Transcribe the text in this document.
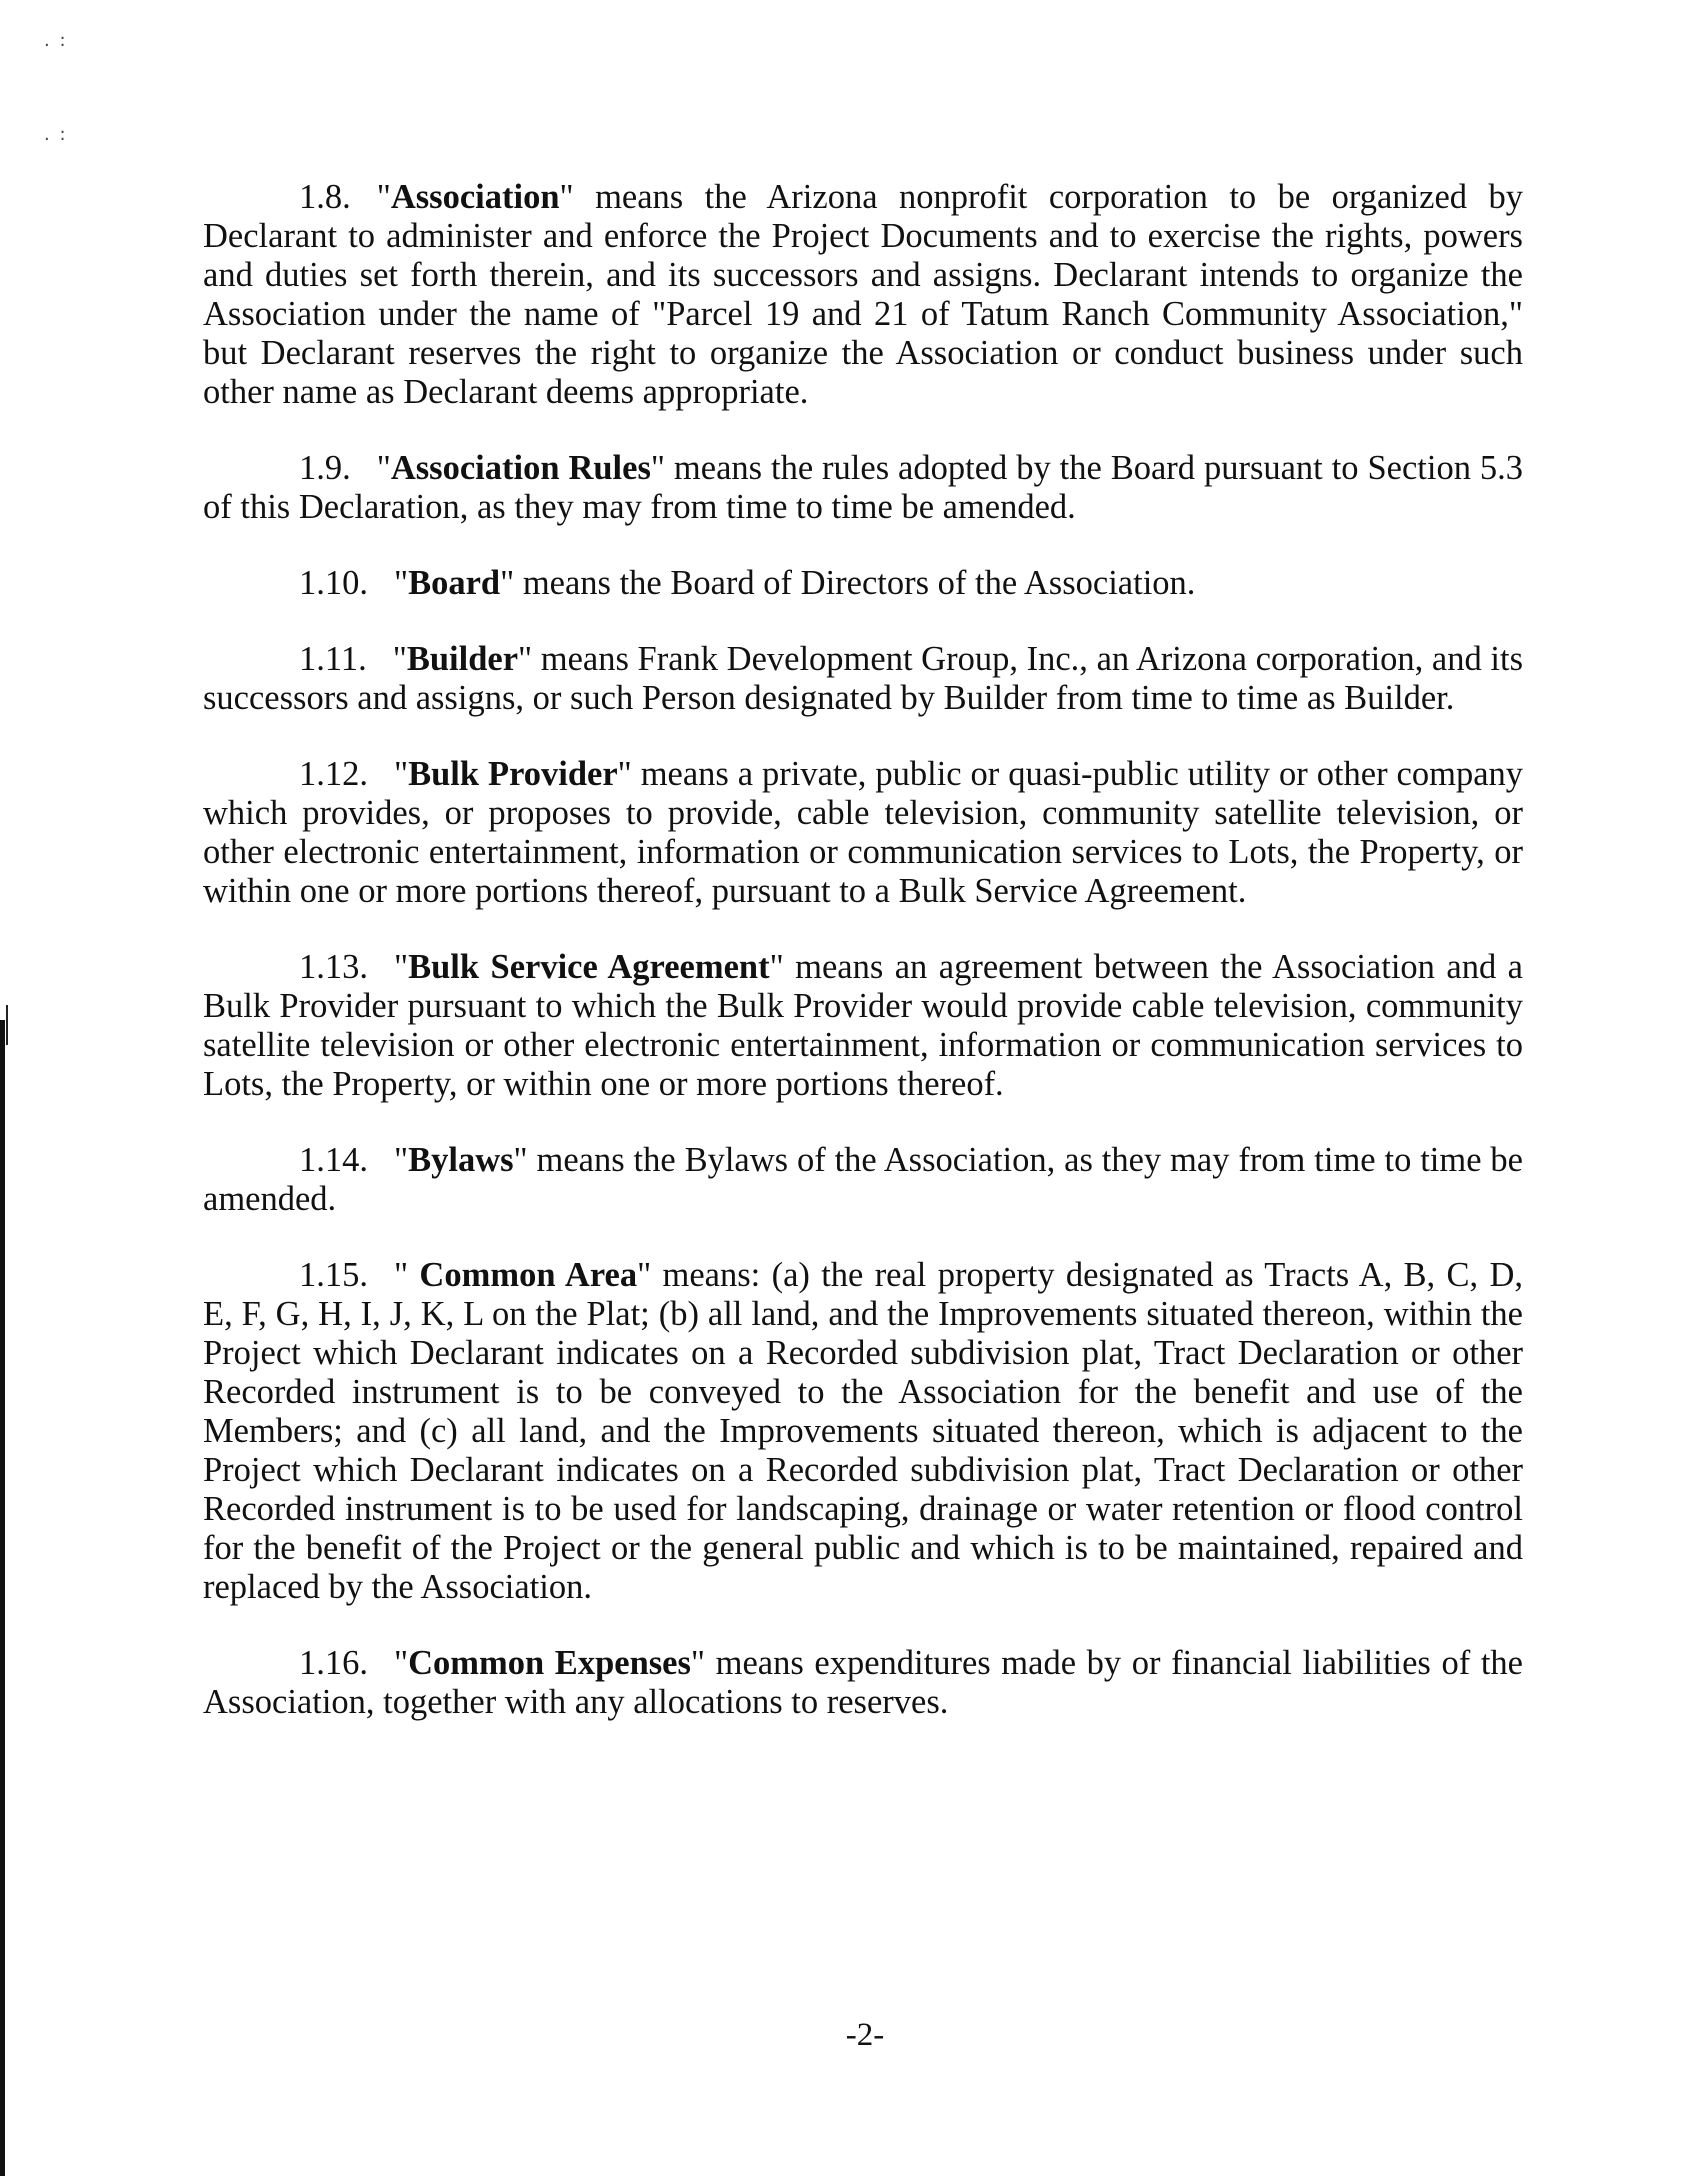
. :
. :

1.8. "Association" means the Arizona nonprofit corporation to be organized by Declarant to administer and enforce the Project Documents and to exercise the rights, powers and duties set forth therein, and its successors and assigns. Declarant intends to organize the Association under the name of "Parcel 19 and 21 of Tatum Ranch Community Association," but Declarant reserves the right to organize the Association or conduct business under such other name as Declarant deems appropriate.

1.9. "Association Rules" means the rules adopted by the Board pursuant to Section 5.3 of this Declaration, as they may from time to time be amended.

1.10. "Board" means the Board of Directors of the Association.

1.11. "Builder" means Frank Development Group, Inc., an Arizona corporation, and its successors and assigns, or such Person designated by Builder from time to time as Builder.

1.12. "Bulk Provider" means a private, public or quasi-public utility or other company which provides, or proposes to provide, cable television, community satellite television, or other electronic entertainment, information or communication services to Lots, the Property, or within one or more portions thereof, pursuant to a Bulk Service Agreement.

1.13. "Bulk Service Agreement" means an agreement between the Association and a Bulk Provider pursuant to which the Bulk Provider would provide cable television, community satellite television or other electronic entertainment, information or communication services to Lots, the Property, or within one or more portions thereof.

1.14. "Bylaws" means the Bylaws of the Association, as they may from time to time be amended.

1.15. " Common Area" means: (a) the real property designated as Tracts A, B, C, D, E, F, G, H, I, J, K, L on the Plat; (b) all land, and the Improvements situated thereon, within the Project which Declarant indicates on a Recorded subdivision plat, Tract Declaration or other Recorded instrument is to be conveyed to the Association for the benefit and use of the Members; and (c) all land, and the Improvements situated thereon, which is adjacent to the Project which Declarant indicates on a Recorded subdivision plat, Tract Declaration or other Recorded instrument is to be used for landscaping, drainage or water retention or flood control for the benefit of the Project or the general public and which is to be maintained, repaired and replaced by the Association.

1.16. "Common Expenses" means expenditures made by or financial liabilities of the Association, together with any allocations to reserves.

-2-
